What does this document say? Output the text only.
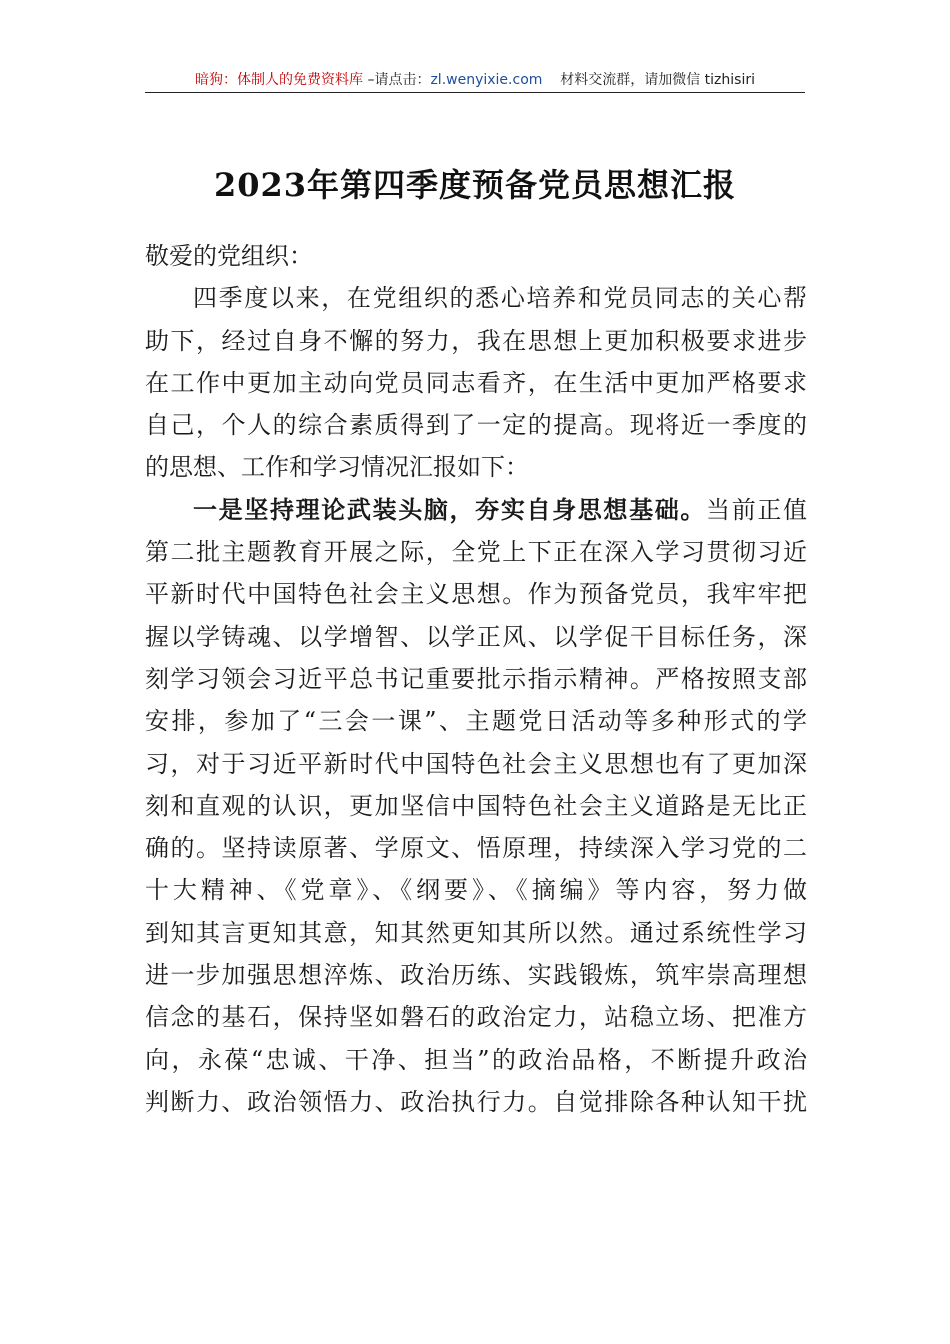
暗狗：体制人的免费资料库 –请点击：zl.wenyixie.com 材料交流群，请加微信 tizhisiri
2023年第四季度预备党员思想汇报
敬爱的党组织：
四季度以来，在党组织的悉心培养和党员同志的关心帮
助下，经过自身不懈的努力，我在思想上更加积极要求进步
在工作中更加主动向党员同志看齐，在生活中更加严格要求
自己，个人的综合素质得到了一定的提高。现将近一季度的
的思想、工作和学习情况汇报如下：
一是坚持理论武装头脑，夯实自身思想基础。当前正值
第二批主题教育开展之际，全党上下正在深入学习贯彻习近
平新时代中国特色社会主义思想。作为预备党员，我牢牢把
握以学铸魂、以学增智、以学正风、以学促干目标任务，深
刻学习领会习近平总书记重要批示指示精神。严格按照支部
安排，参加了“三会一课”、主题党日活动等多种形式的学
习，对于习近平新时代中国特色社会主义思想也有了更加深
刻和直观的认识，更加坚信中国特色社会主义道路是无比正
确的。坚持读原著、学原文、悟原理，持续深入学习党的二
十大精神、《党章》、《纲要》、《摘编》等内容，努力做
到知其言更知其意，知其然更知其所以然。通过系统性学习
进一步加强思想淬炼、政治历练、实践锻炼，筑牢崇高理想
信念的基石，保持坚如磐石的政治定力，站稳立场、把准方
向，永葆“忠诚、干净、担当”的政治品格，不断提升政治
判断力、政治领悟力、政治执行力。自觉排除各种认知干扰
